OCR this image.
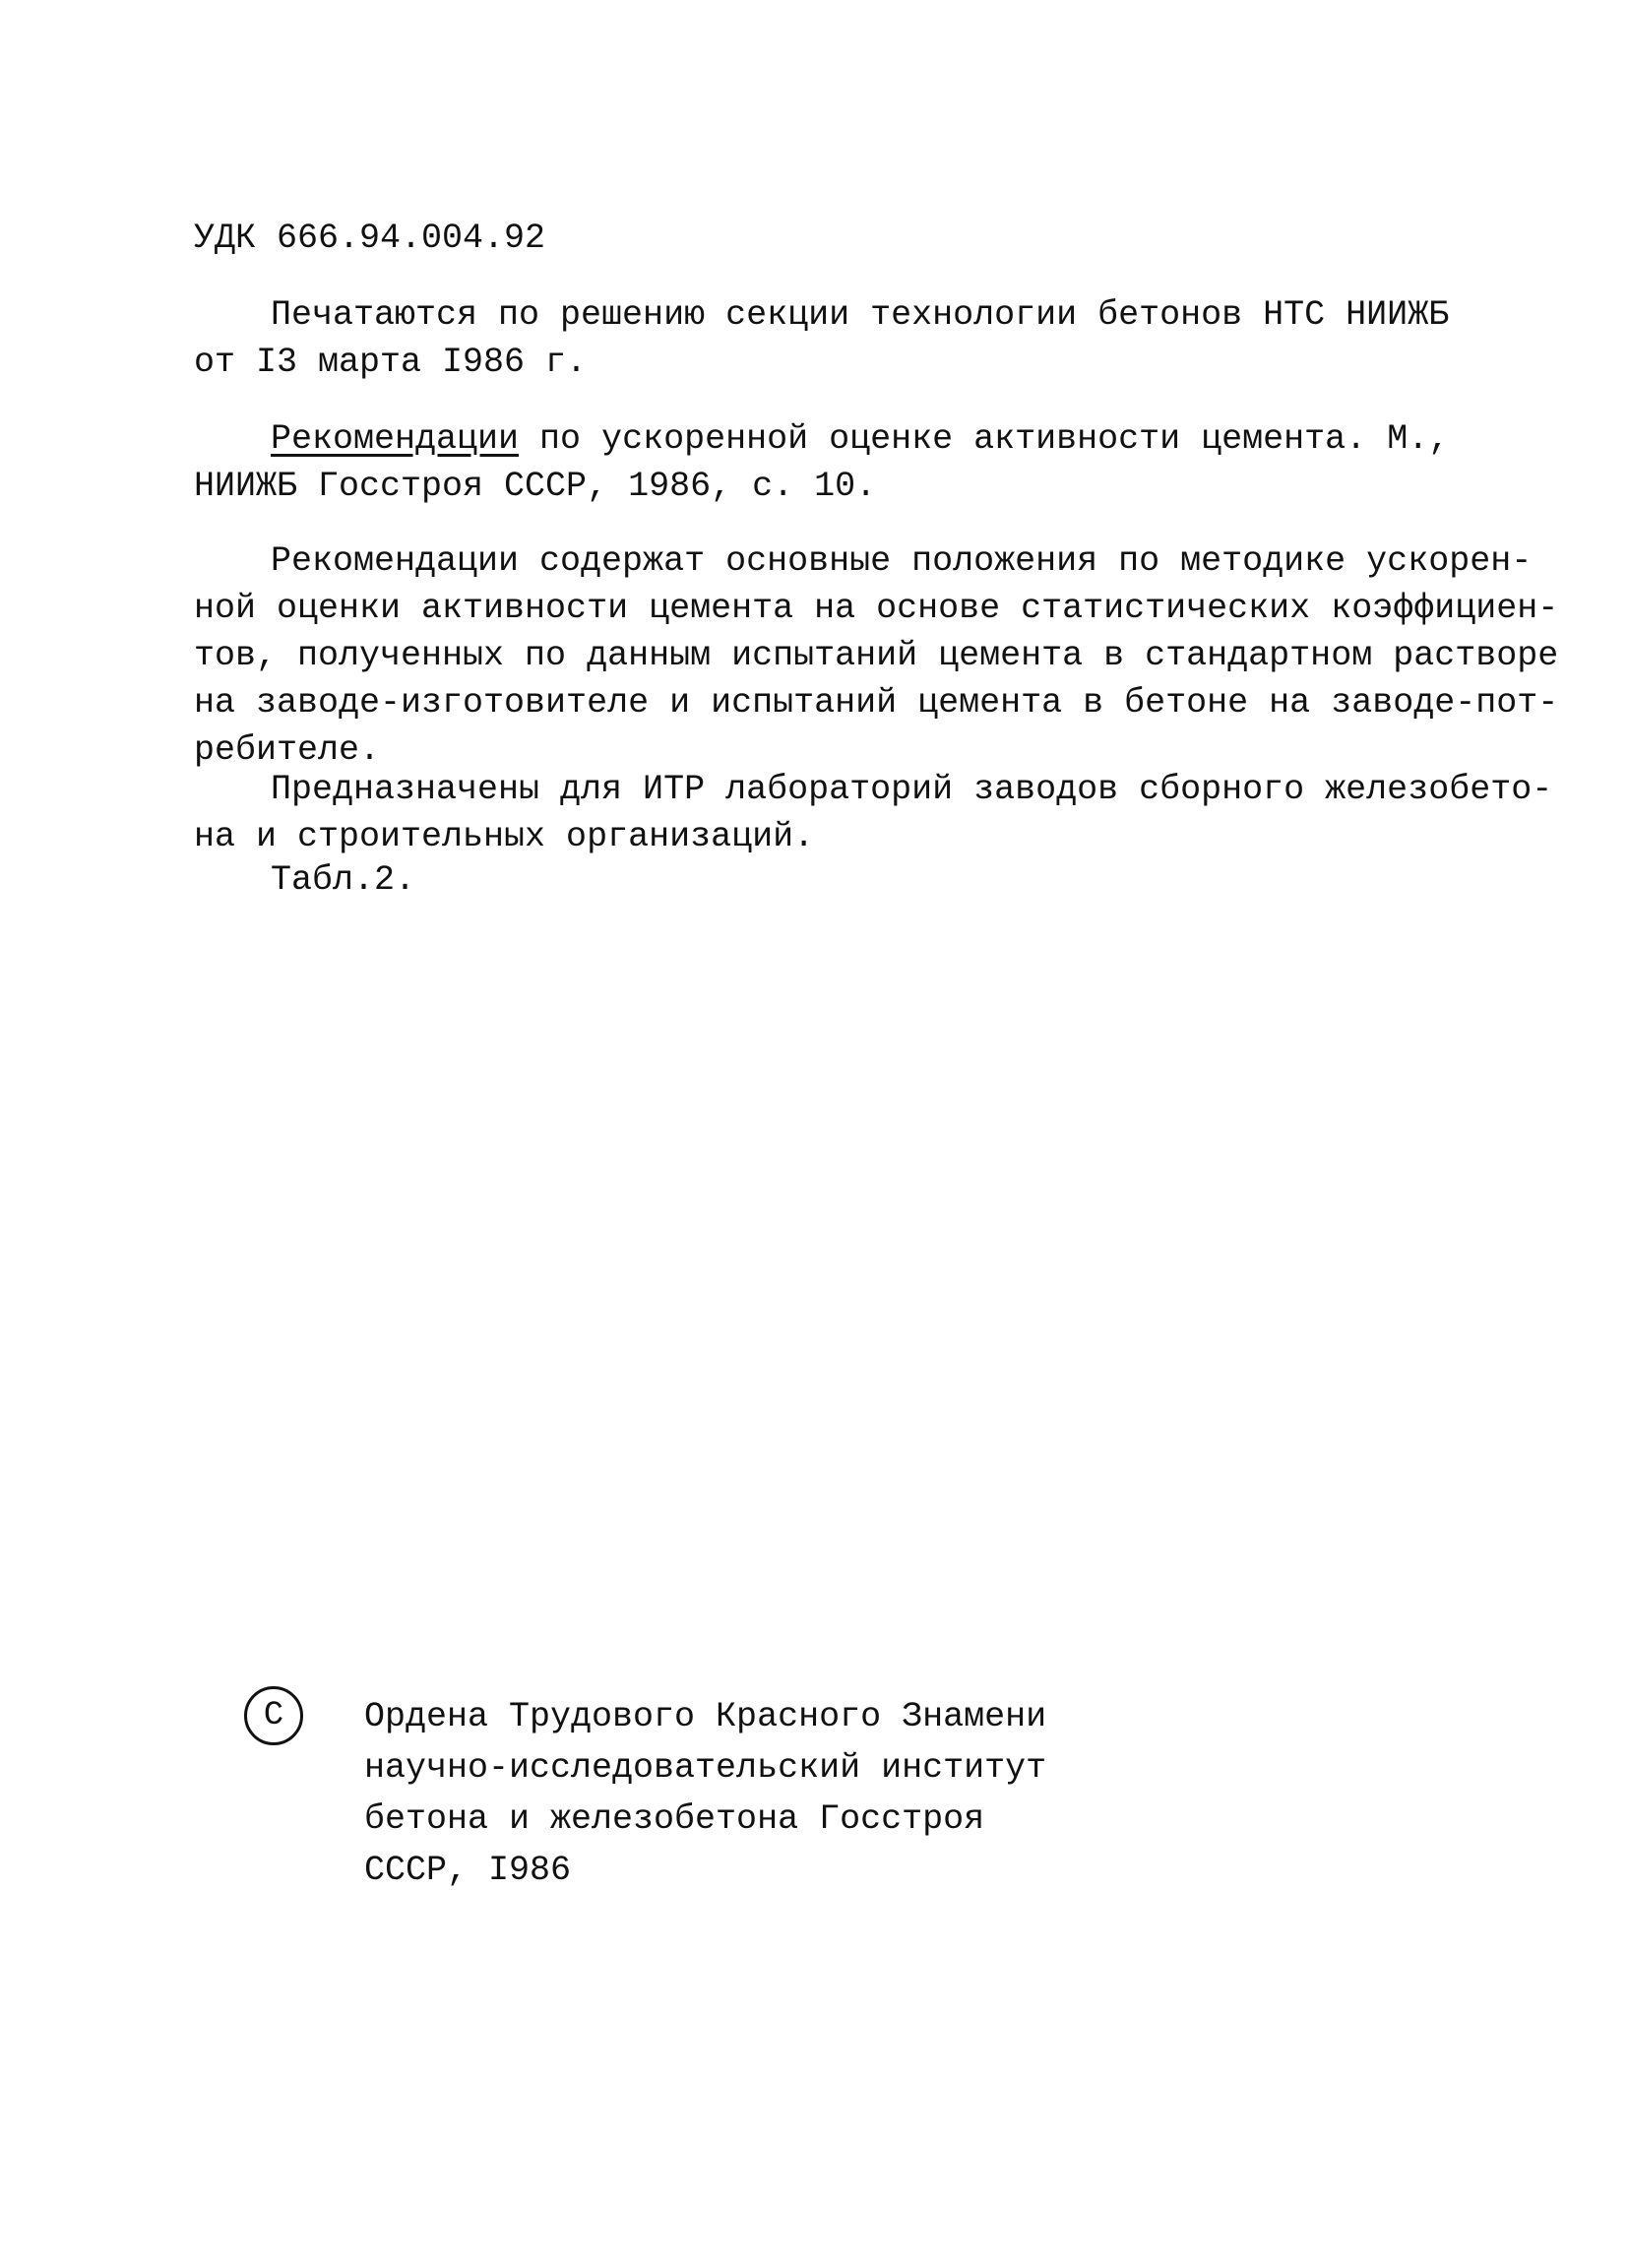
УДК 666.94.004.92
Печатаются по решению секции технологии бетонов НТС НИИЖБ
от I3 марта I986 г.
Рекомендации по ускоренной оценке активности цемента. М.,
НИИЖБ Госстроя СССР, 1986, с. 10.
Рекомендации содержат основные положения по методике ускорен-
ной оценки активности цемента на основе статистических коэффициен-
тов, полученных по данным испытаний цемента в стандартном растворе
на заводе-изготовителе и испытаний цемента в бетоне на заводе-пот-
ребителе.
Предназначены для ИТР лабораторий заводов сборного железобето-
на и строительных организаций.
Табл.2.
С	Ордена Трудового Красного Знамени
научно-исследовательский институт
бетона и железобетона Госстроя
СССР, I986
